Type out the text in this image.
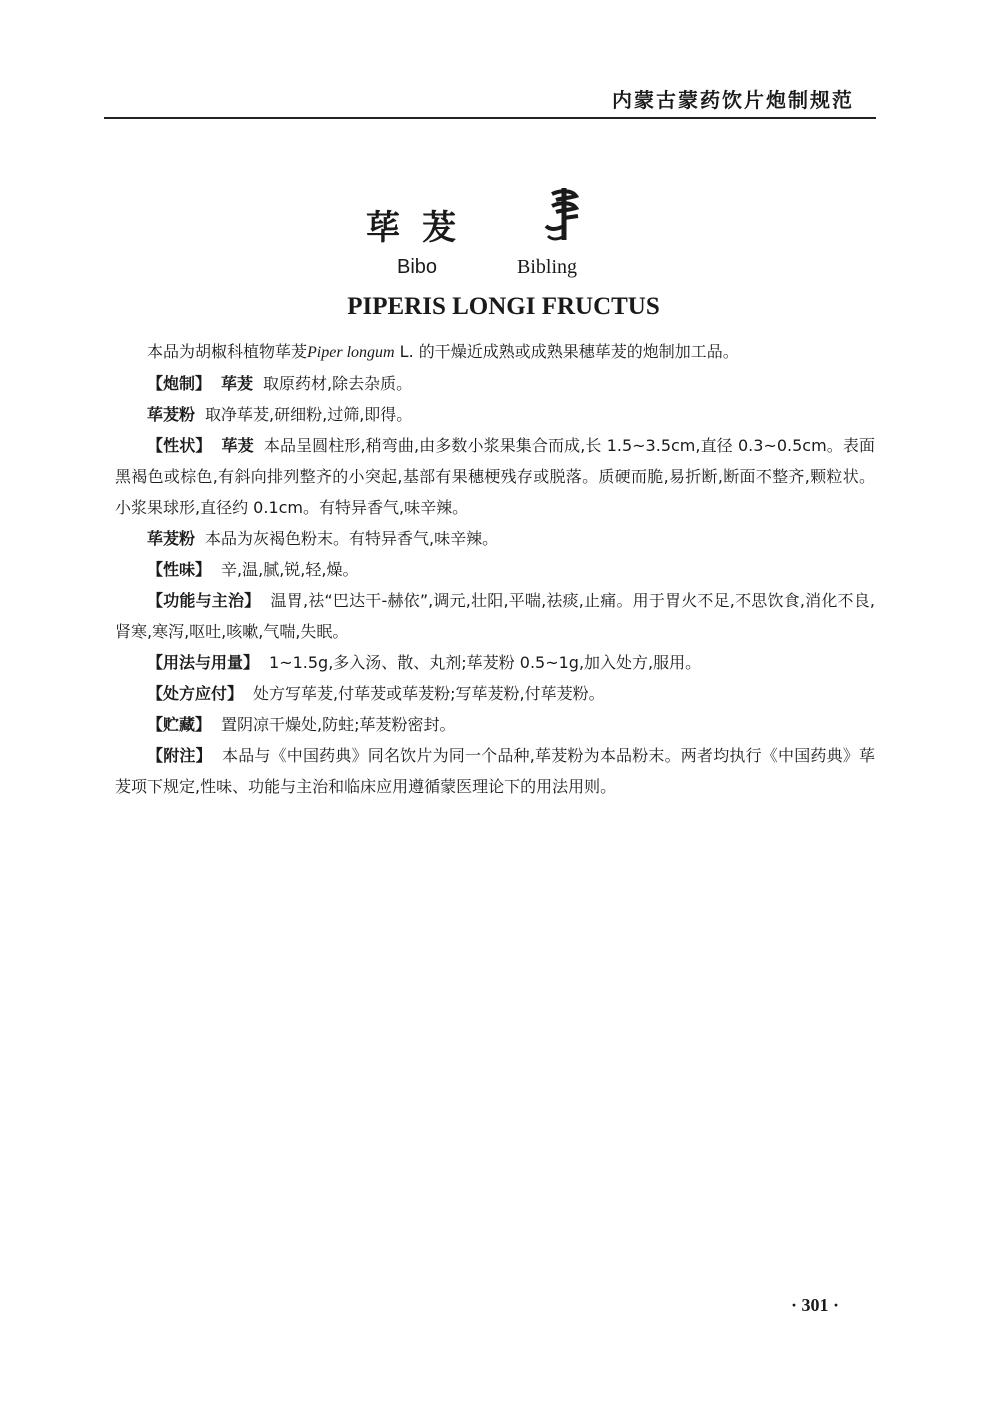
内蒙古蒙药饮片炮制规范
荜茇
Bibo	Bibling
PIPERIS LONGI FRUCTUS

本品为胡椒科植物荜茇Piper longum L. 的干燥近成熟或成熟果穗荜茇的炮制加工品。

【炮制】 荜茇 取原药材,除去杂质。

荜茇粉 取净荜茇,研细粉,过筛,即得。

【性状】 荜茇 本品呈圆柱形,稍弯曲,由多数小浆果集合而成,长 1.5~3.5cm,直径 0.3~0.5cm。表面黑褐色或棕色,有斜向排列整齐的小突起,基部有果穗梗残存或脱落。质硬而脆,易折断,断面不整齐,颗粒状。小浆果球形,直径约 0.1cm。有特异香气,味辛辣。

荜茇粉 本品为灰褐色粉末。有特异香气,味辛辣。

【性味】 辛,温,腻,锐,轻,燥。

【功能与主治】 温胃,祛“巴达干-赫依”,调元,壮阳,平喘,祛痰,止痛。用于胃火不足,不思饮食,消化不良,肾寒,寒泻,呕吐,咳嗽,气喘,失眠。

【用法与用量】 1~1.5g,多入汤、散、丸剂;荜茇粉 0.5~1g,加入处方,服用。

【处方应付】 处方写荜茇,付荜茇或荜茇粉;写荜茇粉,付荜茇粉。

【贮藏】 置阴凉干燥处,防蛀;荜茇粉密封。

【附注】 本品与《中国药典》同名饮片为同一个品种,荜茇粉为本品粉末。两者均执行《中国药典》荜茇项下规定,性味、功能与主治和临床应用遵循蒙医理论下的用法用则。

· 301 ·
